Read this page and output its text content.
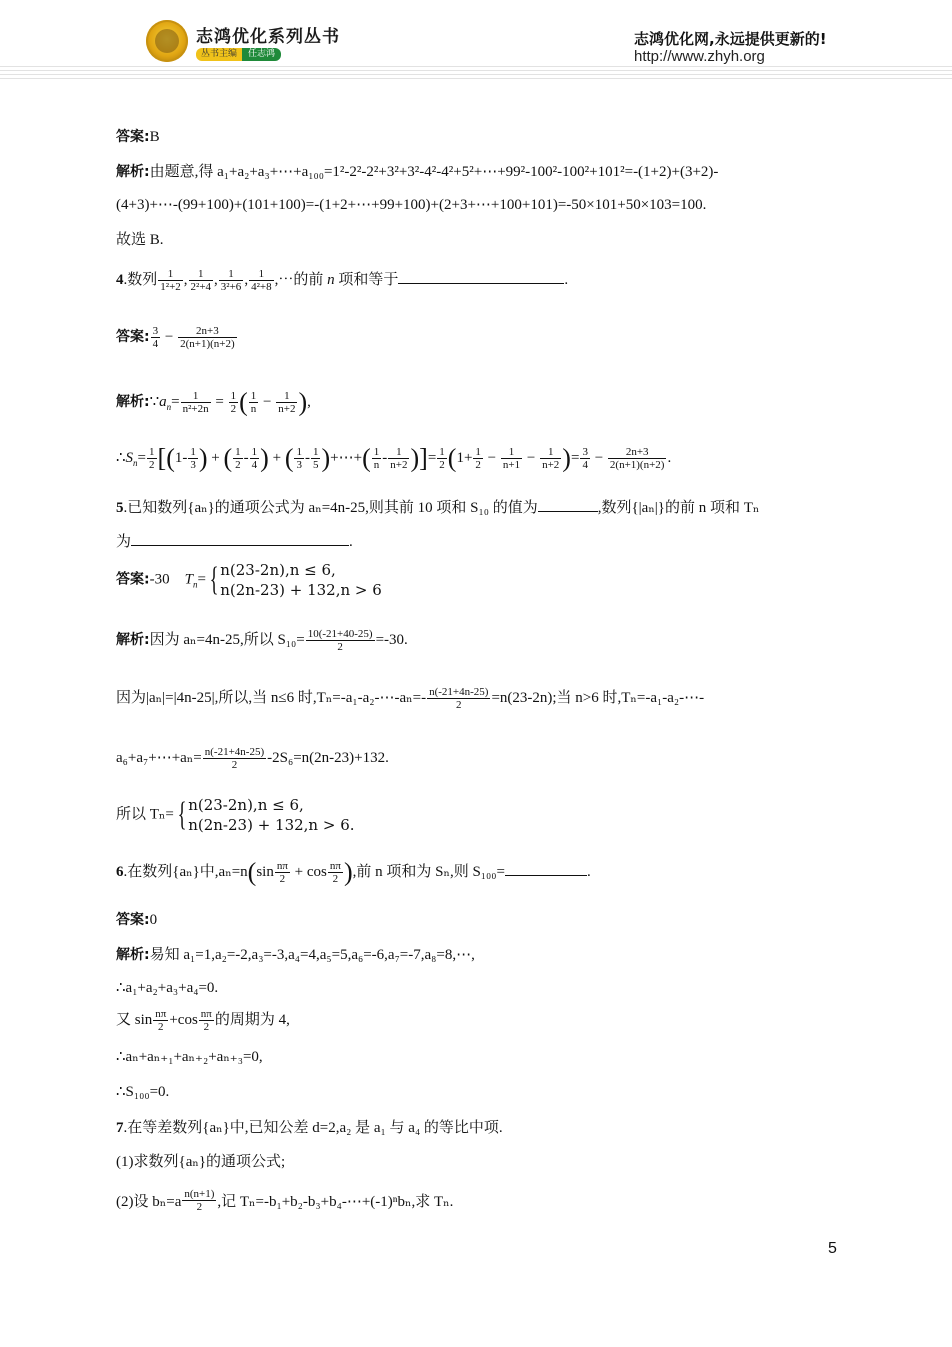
志鸿优化系列丛书
丛书主编 任志鸿
志鸿优化网,永远提供更新的!
http://www.zhyh.org
答案:B
解析:由题意,得 a₁+a₂+a₃+⋯+a₁₀₀=1²-2²-2²+3²+3²-4²-4²+5²+⋯+99²-100²-100²+101²=-(1+2)+(3+2)-
(4+3)+⋯-(99+100)+(101+100)=-(1+2+⋯+99+100)+(2+3+⋯+100+101)=-50×101+50×103=100.
故选 B.
4.数列 $\frac{1}{\text{1²+2}}$ , $\frac{1}{\text{2²+4}}$ , $\frac{1}{\text{3²+6}}$ , $\frac{1}{\text{4²+8}}$ ,⋯的前 n 项和等于	.
答案: $\frac{3}{4} - \frac{2n+3}{2(n+1)(n+2)}$
解析$:\because a_n= \frac{1}{\text{n²+2n}} = \frac{1}{2}$ ( $\frac{1}{n} - \frac{1}{n+2}$ ),
$\therefore S_n= \frac{1}{2} [(1- \frac{1}{3}$ ) + ( $\frac{1}{2} - \frac{1}{4}$ ) + ( $\frac{1}{3} - \frac{1}{5}$ )+⋯+( $\frac{1}{n} - \frac{1}{n+2}$ )]= $\frac{1}{2} (1+ \frac{1}{2} - \frac{1}{n+1} - \frac{1}{n+2}$ )= $\frac{3}{4} - \frac{2n+3}{2(n+1)(n+2)}$ .
5.已知数列{aₙ}的通项公式为 aₙ=4n-25,则其前 10 项和 S₁₀ 的值为	,数列{|aₙ|}的前 n 项和 Tₙ
为	.
答案:-30 $T_n=$ { n(23-2n),n ≤ 6,
n(2n-23) + 132,n > 6
解析:因为 aₙ=4n-25,所以 $S_{10}= \frac{10(-21+40-25)}{2} =-30$.
因为|aₙ|=|4n-25|,所以,当 n≤6 时,Tₙ=-a₁-a₂-⋯-aₙ=- $\frac{n(-21+4n-25)}{2} =n(23-2n)$;当 n>6 时,Tₙ=-a₁-a₂-⋯-
a₆+a₇+⋯+aₙ= $\frac{n(-21+4n-25)}{2} -2S_6=n(2n-23)+132$.
所以 Tₙ= { n(23-2n),n ≤ 6,
n(2n-23) + 132,n > 6.
6.在数列{aₙ}中$,a_n=n(\sin \frac{n\pi}{2} + \cos \frac{n\pi}{2}$ ),前 n 项和为 Sₙ,则 S₁₀₀=	.
答案:0
解析:易知 a₁=1,a₂=-2,a₃=-3,a₄=4,a₅=5,a₆=-6,a₇=-7,a₈=8,⋯,
∴a₁+a₂+a₃+a₄=0.
又 $\sin \frac{n\pi}{2} +\cos \frac{n\pi}{2}$ 的周期为 4,
∴aₙ+aₙ₊₁+aₙ₊₂+aₙ₊₃=0,
∴S₁₀₀=0.
7.在等差数列{aₙ}中,已知公差 d=2,a₂ 是 a₁ 与 a₄ 的等比中项.
(1)求数列{aₙ}的通项公式;
(2)设 $b_n=a \frac{n(n+1)}{2}$ ,记 Tₙ=-b₁+b₂-b₃+b₄-⋯+(-1)ⁿbₙ,求 Tₙ.
5
